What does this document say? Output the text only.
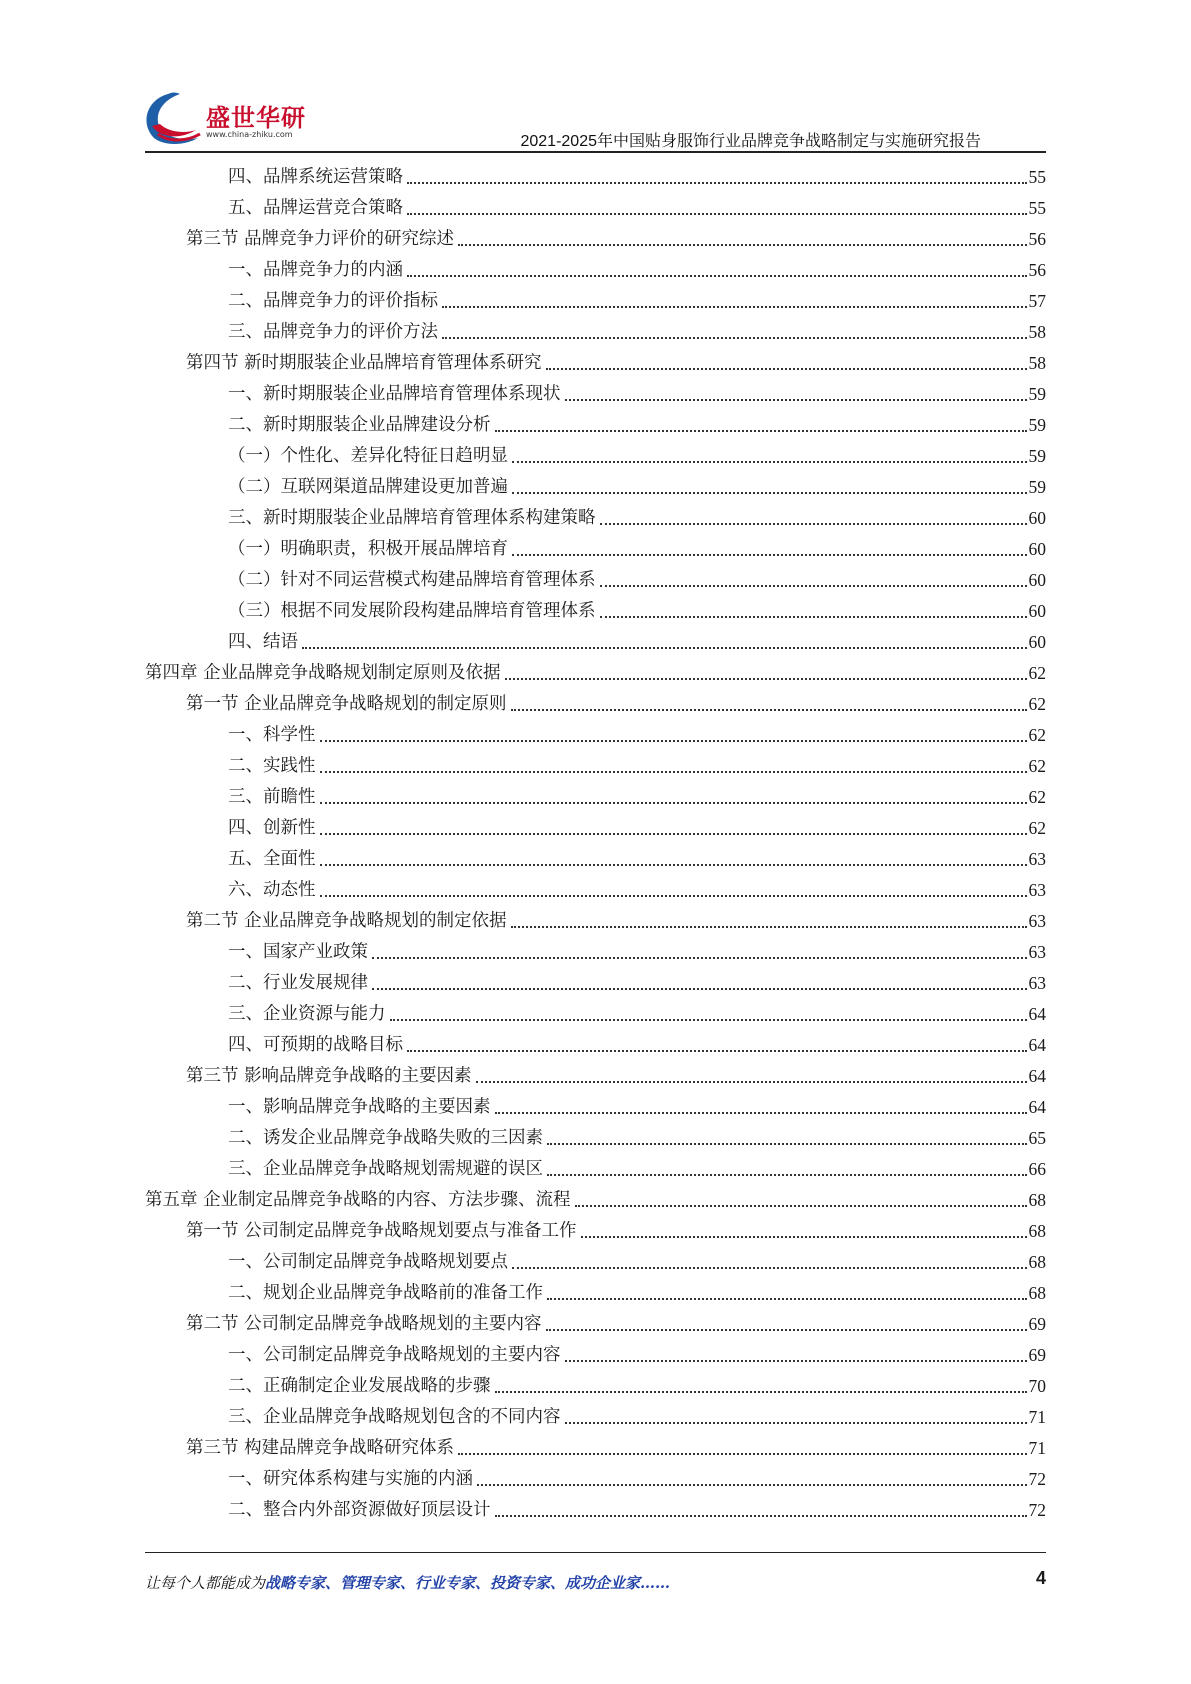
盛世华研
www.china-zhiku.com	2021-2025年中国贴身服饰行业品牌竞争战略制定与实施研究报告
四、品牌系统运营策略	55
五、品牌运营竞合策略	55
第三节 品牌竞争力评价的研究综述	56
一、品牌竞争力的内涵	56
二、品牌竞争力的评价指标	57
三、品牌竞争力的评价方法	58
第四节 新时期服装企业品牌培育管理体系研究	58
一、新时期服装企业品牌培育管理体系现状	59
二、新时期服装企业品牌建设分析	59
（一）个性化、差异化特征日趋明显	59
（二）互联网渠道品牌建设更加普遍	59
三、新时期服装企业品牌培育管理体系构建策略	60
（一）明确职责，积极开展品牌培育	60
（二）针对不同运营模式构建品牌培育管理体系	60
（三）根据不同发展阶段构建品牌培育管理体系	60
四、结语	60
第四章 企业品牌竞争战略规划制定原则及依据	62
第一节 企业品牌竞争战略规划的制定原则	62
一、科学性	62
二、实践性	62
三、前瞻性	62
四、创新性	62
五、全面性	63
六、动态性	63
第二节 企业品牌竞争战略规划的制定依据	63
一、国家产业政策	63
二、行业发展规律	63
三、企业资源与能力	64
四、可预期的战略目标	64
第三节 影响品牌竞争战略的主要因素	64
一、影响品牌竞争战略的主要因素	64
二、诱发企业品牌竞争战略失败的三因素	65
三、企业品牌竞争战略规划需规避的误区	66
第五章 企业制定品牌竞争战略的内容、方法步骤、流程	68
第一节 公司制定品牌竞争战略规划要点与准备工作	68
一、公司制定品牌竞争战略规划要点	68
二、规划企业品牌竞争战略前的准备工作	68
第二节 公司制定品牌竞争战略规划的主要内容	69
一、公司制定品牌竞争战略规划的主要内容	69
二、正确制定企业发展战略的步骤	70
三、企业品牌竞争战略规划包含的不同内容	71
第三节 构建品牌竞争战略研究体系	71
一、研究体系构建与实施的内涵	72
二、整合内外部资源做好顶层设计	72
让每个人都能成为战略专家、管理专家、行业专家、投资专家、成功企业家……	4
